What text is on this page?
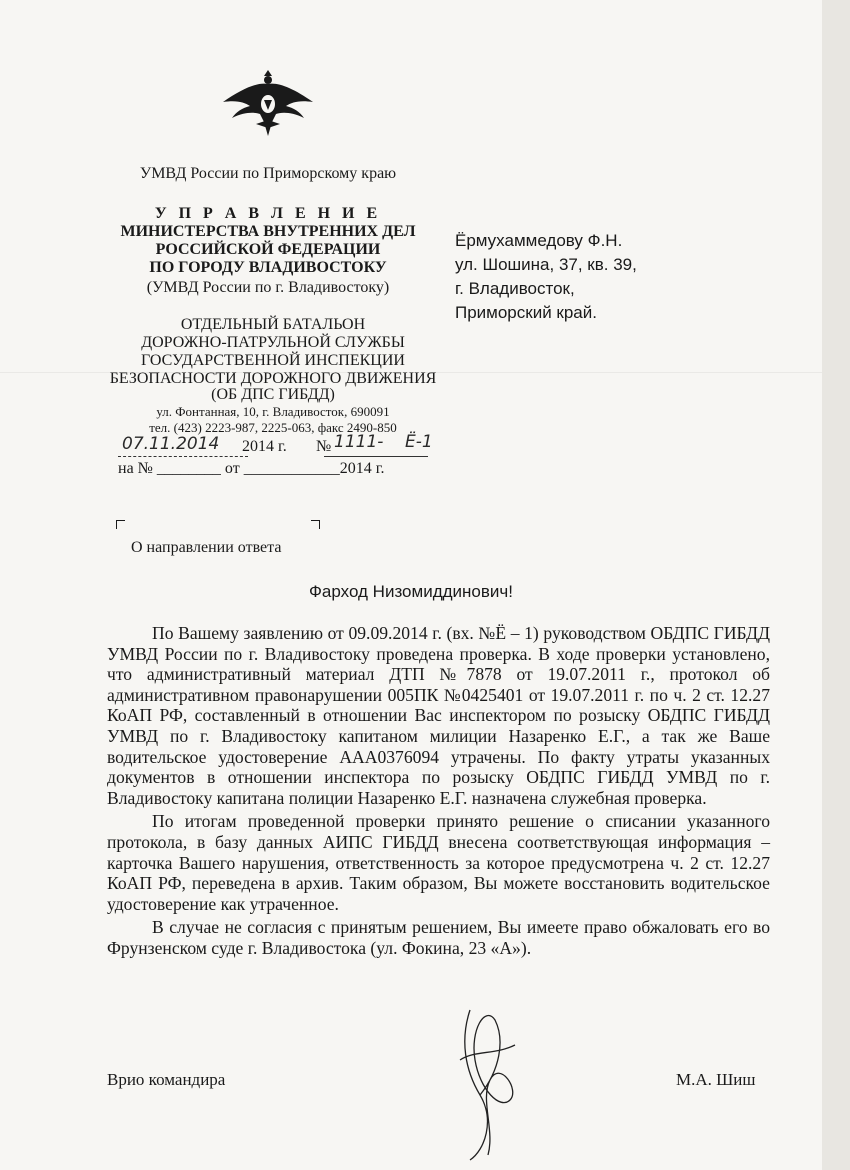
УМВД России по Приморскому краю
У П Р А В Л Е Н И Е
МИНИСТЕРСТВА ВНУТРЕННИХ ДЕЛ
РОССИЙСКОЙ ФЕДЕРАЦИИ
ПО ГОРОДУ ВЛАДИВОСТОКУ
(УМВД России по г. Владивостоку)
ОТДЕЛЬНЫЙ БАТАЛЬОН
ДОРОЖНО-ПАТРУЛЬНОЙ СЛУЖБЫ
ГОСУДАРСТВЕННОЙ ИНСПЕКЦИИ
БЕЗОПАСНОСТИ ДОРОЖНОГО ДВИЖЕНИЯ
(ОБ ДПС ГИБДД)
ул. Фонтанная, 10, г. Владивосток, 690091
тел. (423) 2223-987, 2225-063, факс 2490-850
07.11.2014 2014 г. № 1111-    Ё-1
на № ________ от ____________2014 г.
Ёрмухаммедову Ф.Н.
ул. Шошина, 37, кв. 39,
г. Владивосток,
Приморский край.
О направлении ответа
Фарход Низомиддинович!

По Вашему заявлению от 09.09.2014 г. (вх. №Ё – 1) руководством ОБДПС ГИБДД УМВД России по г. Владивостоку проведена проверка. В ходе проверки установлено, что административный материал ДТП №7878 от 19.07.2011 г., протокол об административном правонарушении 005ПК №0425401 от 19.07.2011 г. по ч. 2 ст. 12.27 КоАП РФ, составленный в отношении Вас инспектором по розыску ОБДПС ГИБДД УМВД по г. Владивостоку капитаном милиции Назаренко Е.Г., а так же Ваше водительское удостоверение ААА0376094 утрачены. По факту утраты указанных документов в отношении инспектора по розыску ОБДПС ГИБДД УМВД по г. Владивостоку капитана полиции Назаренко Е.Г. назначена служебная проверка.

По итогам проведенной проверки принято решение о списании указанного протокола, в базу данных АИПС ГИБДД внесена соответствующая информация – карточка Вашего нарушения, ответственность за которое предусмотрена ч. 2 ст. 12.27 КоАП РФ, переведена в архив. Таким образом, Вы можете восстановить водительское удостоверение как утраченное.

В случае не согласия с принятым решением, Вы имеете право обжаловать его во Фрунзенском суде г. Владивостока (ул. Фокина, 23 «А»).

Врио командира	М.А. Шиш
